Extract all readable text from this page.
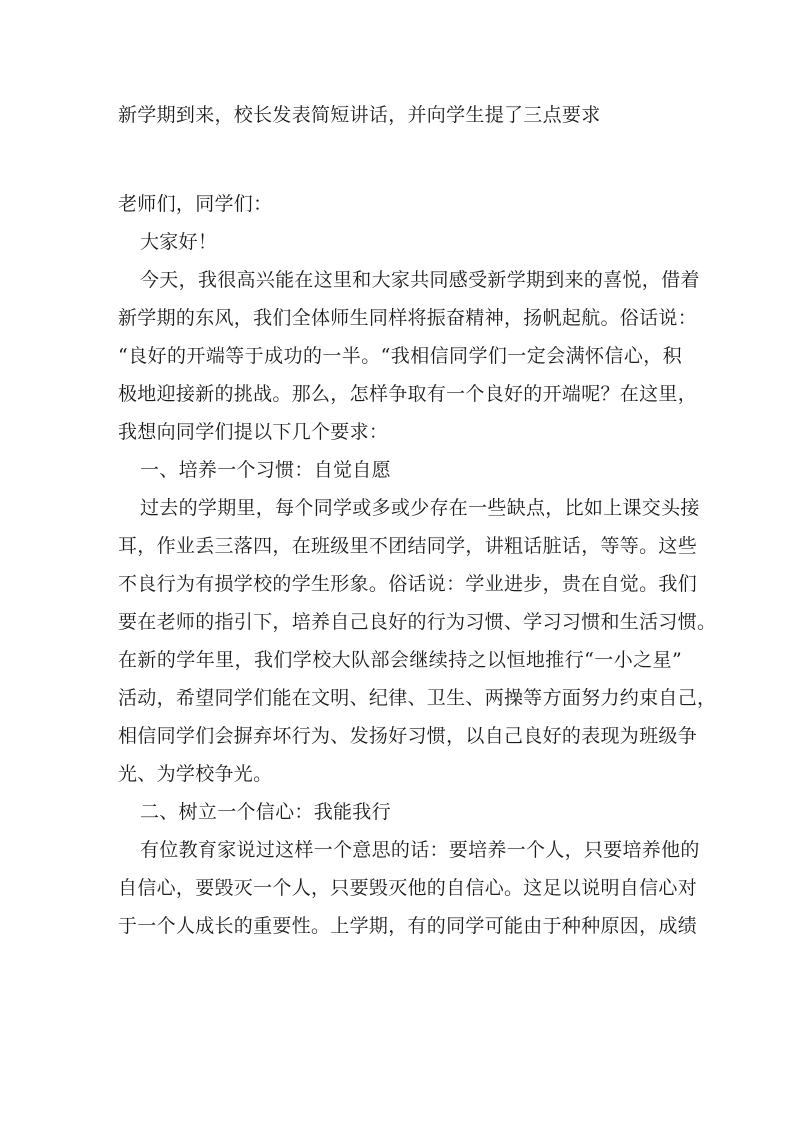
新学期到来，校长发表简短讲话，并向学生提了三点要求
老师们，同学们：
大家好！
今天，我很高兴能在这里和大家共同感受新学期到来的喜悦，借着
新学期的东风，我们全体师生同样将振奋精神，扬帆起航。俗话说：
“良好的开端等于成功的一半。“我相信同学们一定会满怀信心，积
极地迎接新的挑战。那么，怎样争取有一个良好的开端呢？在这里，
我想向同学们提以下几个要求：
一、培养一个习惯：自觉自愿
过去的学期里，每个同学或多或少存在一些缺点，比如上课交头接
耳，作业丢三落四，在班级里不团结同学，讲粗话脏话，等等。这些
不良行为有损学校的学生形象。俗话说：学业进步，贵在自觉。我们
要在老师的指引下，培养自己良好的行为习惯、学习习惯和生活习惯。
在新的学年里，我们学校大队部会继续持之以恒地推行“一小之星”
活动，希望同学们能在文明、纪律、卫生、两操等方面努力约束自己，
相信同学们会摒弃坏行为、发扬好习惯，以自己良好的表现为班级争
光、为学校争光。
二、树立一个信心：我能我行
有位教育家说过这样一个意思的话：要培养一个人，只要培养他的
自信心，要毁灭一个人，只要毁灭他的自信心。这足以说明自信心对
于一个人成长的重要性。上学期，有的同学可能由于种种原因，成绩
